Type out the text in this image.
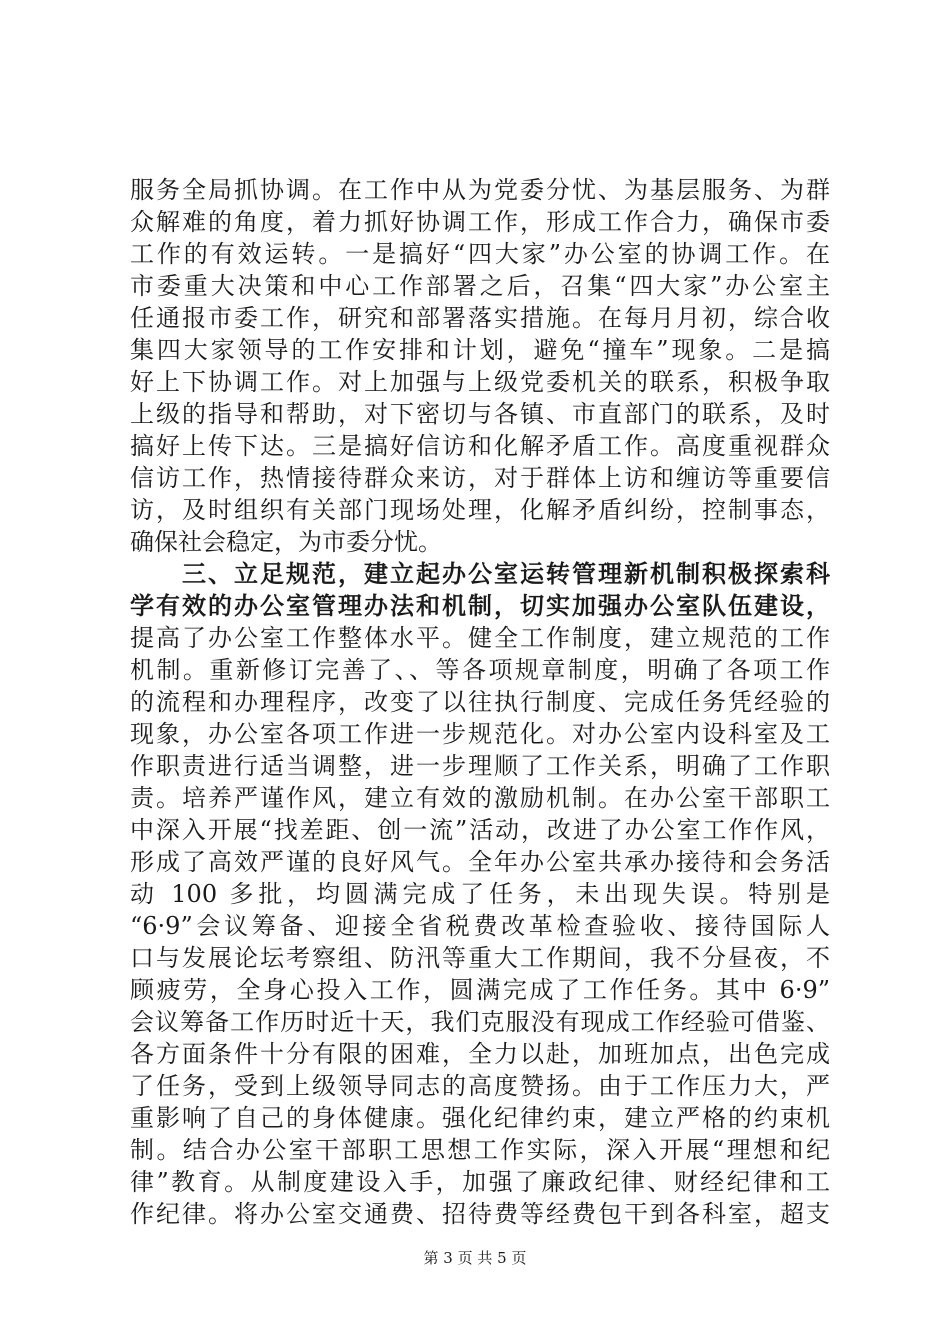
服务全局抓协调。在工作中从为党委分忧、为基层服务、为群
众解难的角度，着力抓好协调工作，形成工作合力，确保市委
工作的有效运转。一是搞好“四大家”办公室的协调工作。在
市委重大决策和中心工作部署之后，召集“四大家”办公室主
任通报市委工作，研究和部署落实措施。在每月月初，综合收
集四大家领导的工作安排和计划，避免“撞车”现象。二是搞
好上下协调工作。对上加强与上级党委机关的联系，积极争取
上级的指导和帮助，对下密切与各镇、市直部门的联系，及时
搞好上传下达。三是搞好信访和化解矛盾工作。高度重视群众
信访工作，热情接待群众来访，对于群体上访和缠访等重要信
访，及时组织有关部门现场处理，化解矛盾纠纷，控制事态，
确保社会稳定，为市委分忧。
　　三、立足规范，建立起办公室运转管理新机制积极探索科
学有效的办公室管理办法和机制，切实加强办公室队伍建设，
提高了办公室工作整体水平。健全工作制度，建立规范的工作
机制。重新修订完善了、、等各项规章制度，明确了各项工作
的流程和办理程序，改变了以往执行制度、完成任务凭经验的
现象，办公室各项工作进一步规范化。对办公室内设科室及工
作职责进行适当调整，进一步理顺了工作关系，明确了工作职
责。培养严谨作风，建立有效的激励机制。在办公室干部职工
中深入开展“找差距、创一流”活动，改进了办公室工作作风，
形成了高效严谨的良好风气。全年办公室共承办接待和会务活
动 100 多批，均圆满完成了任务，未出现失误。特别是
“6·9”会议筹备、迎接全省税费改革检查验收、接待国际人
口与发展论坛考察组、防汛等重大工作期间，我不分昼夜，不
顾疲劳，全身心投入工作，圆满完成了工作任务。其中 6·9”
会议筹备工作历时近十天，我们克服没有现成工作经验可借鉴、
各方面条件十分有限的困难，全力以赴，加班加点，出色完成
了任务，受到上级领导同志的高度赞扬。由于工作压力大，严
重影响了自己的身体健康。强化纪律约束，建立严格的约束机
制。结合办公室干部职工思想工作实际，深入开展“理想和纪
律”教育。从制度建设入手，加强了廉政纪律、财经纪律和工
作纪律。将办公室交通费、招待费等经费包干到各科室，超支
第 3 页 共 5 页
